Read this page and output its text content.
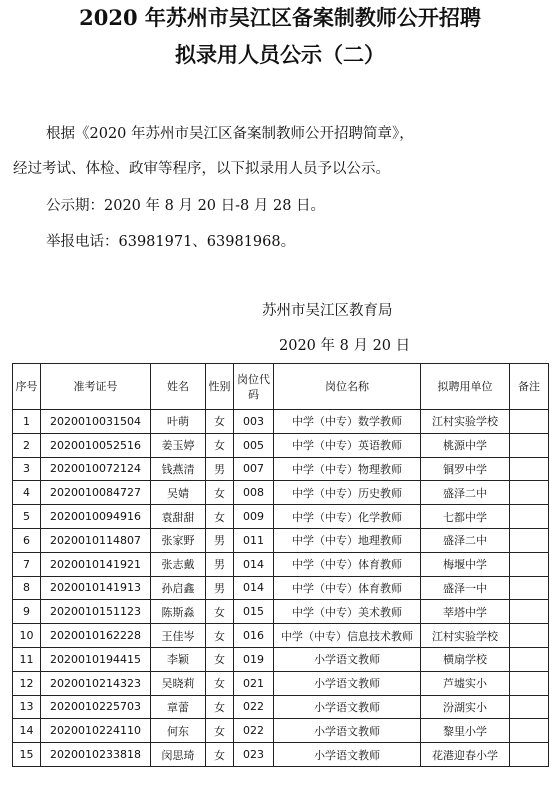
2020 年苏州市吴江区备案制教师公开招聘
拟录用人员公示（二）
根据《2020 年苏州市吴江区备案制教师公开招聘简章》，
经过考试、体检、政审等程序，以下拟录用人员予以公示。
公示期：2020 年 8 月 20 日-8 月 28 日。
举报电话：63981971、63981968。
苏州市吴江区教育局
2020 年 8 月 20 日
序号	准考证号	姓名	性别	岗位代码	岗位名称	拟聘用单位	备注
1	2020010031504	叶萌	女	003	中学（中专）数学教师	江村实验学校	
2	2020010052516	姜玉婷	女	005	中学（中专）英语教师	桃源中学	
3	2020010072124	钱燕清	男	007	中学（中专）物理教师	铜罗中学	
4	2020010084727	吴婧	女	008	中学（中专）历史教师	盛泽二中	
5	2020010094916	袁甜甜	女	009	中学（中专）化学教师	七都中学	
6	2020010114807	张家野	男	011	中学（中专）地理教师	盛泽二中	
7	2020010141921	张志戴	男	014	中学（中专）体育教师	梅堰中学	
8	2020010141913	孙启鑫	男	014	中学（中专）体育教师	盛泽一中	
9	2020010151123	陈斯淼	女	015	中学（中专）美术教师	莘塔中学	
10	2020010162228	王佳岑	女	016	中学（中专）信息技术教师	江村实验学校	
11	2020010194415	李颖	女	019	小学语文教师	横扇学校	
12	2020010214323	吴晓莉	女	021	小学语文教师	芦墟实小	
13	2020010225703	章蕾	女	022	小学语文教师	汾湖实小	
14	2020010224110	何东	女	022	小学语文教师	黎里小学	
15	2020010233818	闵思琦	女	023	小学语文教师	花港迎春小学	
